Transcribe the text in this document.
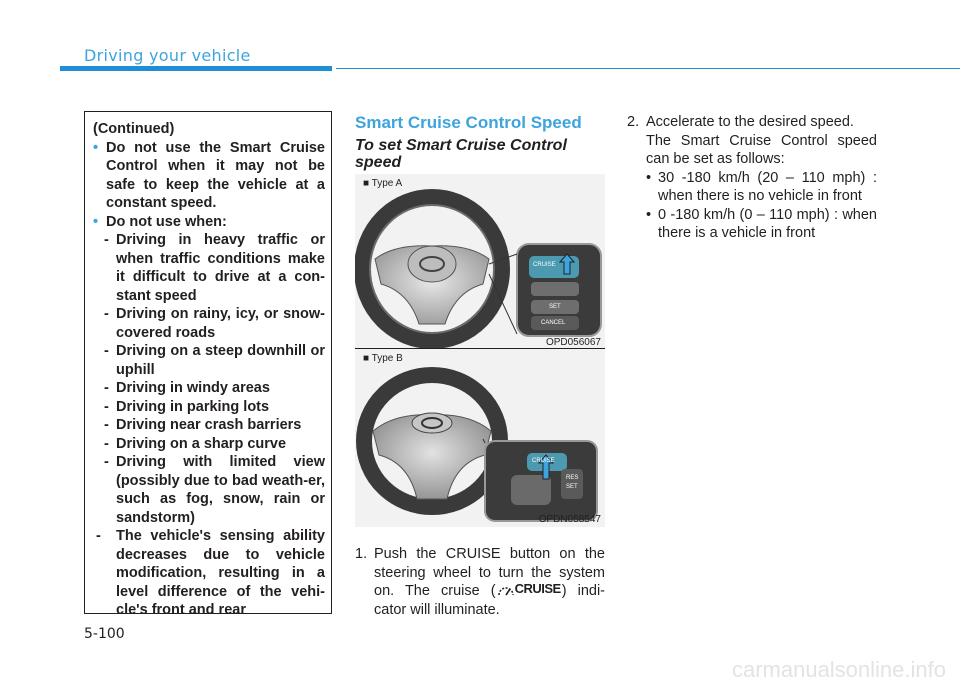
Driving your vehicle
(Continued)
• Do not use the Smart Cruise Control when it may not be safe to keep the vehicle at a constant speed.
• Do not use when:
- Driving in heavy traffic or when traffic conditions make it difficult to drive at a con-stant speed
- Driving on rainy, icy, or snow-covered roads
- Driving on a steep downhill or uphill
- Driving in windy areas
- Driving in parking lots
- Driving near crash barriers
- Driving on a sharp curve
- Driving with limited view (possibly due to bad weath-er, such as fog, snow, rain or sandstorm)
- The vehicle's sensing ability decreases due to vehicle modification, resulting in a level difference of the vehi-cle's front and rear
Smart Cruise Control Speed
To set Smart Cruise Control speed
■ Type A
CRUISE
SET
CANCEL
OPD056067
■ Type B
CRUISE
RES
SET
OPDN058547
1. Push the CRUISE button on the steering wheel to turn the system on. The cruise ( CRUISE) indi-cator will illuminate.
2. Accelerate to the desired speed.
The Smart Cruise Control speed can be set as follows:
• 30 -180 km/h (20 – 110 mph) : when there is no vehicle in front
• 0 -180 km/h (0 – 110 mph) : when there is a vehicle in front
5-100
carmanualsonline.info
